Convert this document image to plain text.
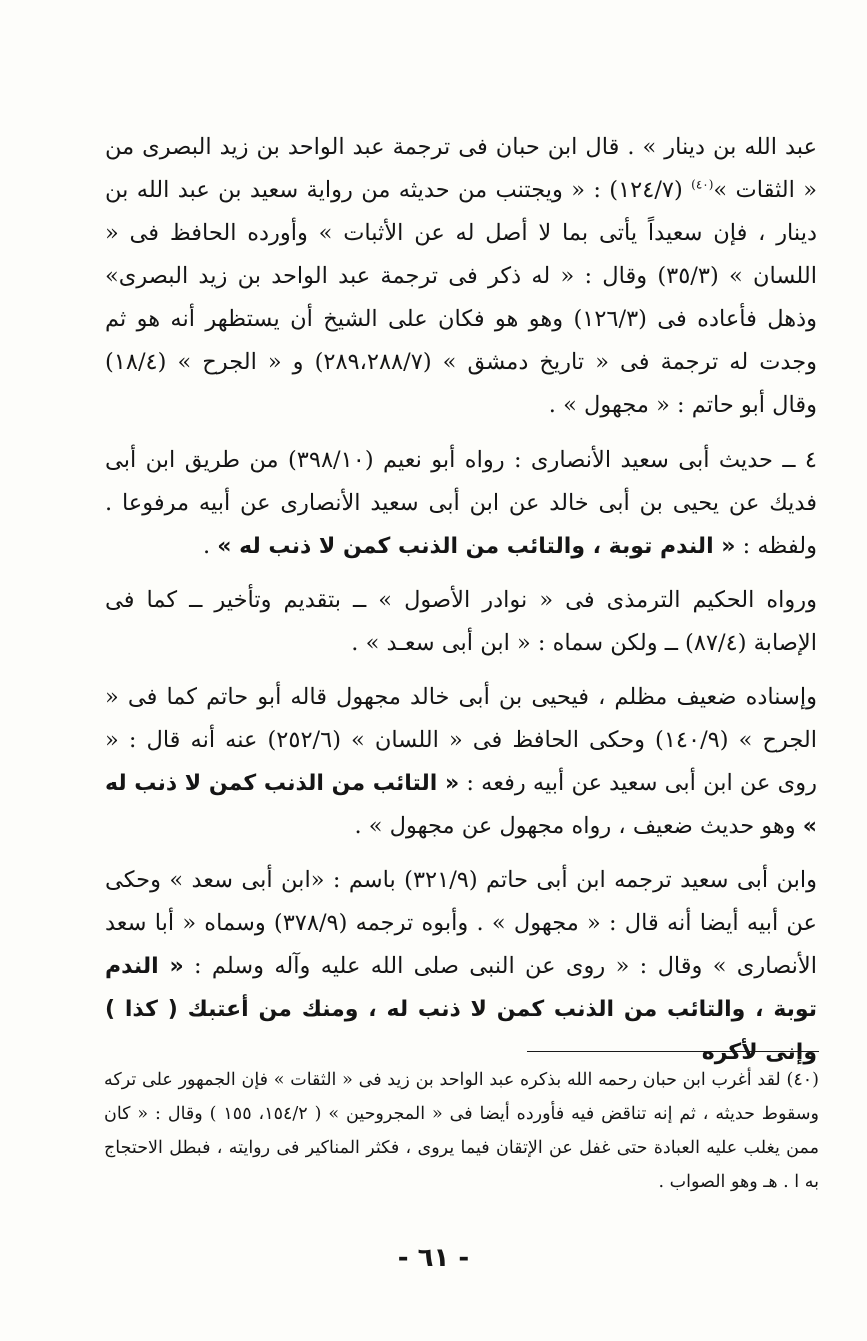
عبد الله بن دينار » . قال ابن حبان فى ترجمة عبد الواحد بن زيد البصرى من « الثقات »$^{(٤٠)}$ (١٢٤/٧) : « ويجتنب من حديثه من رواية سعيد بن عبد الله بن دينار ، فإن سعيداً يأتى بما لا أصل له عن الأثبات » وأورده الحافظ فى « اللسان » (٣٥/٣) وقال : « له ذكر فى ترجمة عبد الواحد بن زيد البصرى» وذهل فأعاده فى (١٢٦/٣) وهو هو فكان على الشيخ أن يستظهر أنه هو ثم وجدت له ترجمة فى « تاريخ دمشق » (٢٨٩،٢٨٨/٧) و « الجرح » (١٨/٤) وقال أبو حاتم : « مجهول » .

٤ ــ حديث أبى سعيد الأنصارى : رواه أبو نعيم (٣٩٨/١٠) من طريق ابن أبى فديك عن يحيى بن أبى خالد عن ابن أبى سعيد الأنصارى عن أبيه مرفوعا . ولفظه : « الندم توبة ، والتائب من الذنب كمن لا ذنب له » .

ورواه الحكيم الترمذى فى « نوادر الأصول » ــ بتقديم وتأخير ــ كما فى الإصابة (٨٧/٤) ــ ولكن سماه : « ابن أبى سعـد » .

وإسناده ضعيف مظلم ، فيحيى بن أبى خالد مجهول قاله أبو حاتم كما فى « الجرح » (١٤٠/٩) وحكى الحافظ فى « اللسان » (٢٥٢/٦) عنه أنه قال : « روى عن ابن أبى سعيد عن أبيه رفعه : « التائب من الذنب كمن لا ذنب له » وهو حديث ضعيف ، رواه مجهول عن مجهول » .

وابن أبى سعيد ترجمه ابن أبى حاتم (٣٢١/٩) باسم : «ابن أبى سعد » وحكى عن أبيه أيضا أنه قال : « مجهول » . وأبوه ترجمه (٣٧٨/٩) وسماه « أبا سعد الأنصارى » وقال : « روى عن النبى صلى الله عليه وآله وسلم : « الندم توبة ، والتائب من الذنب كمن لا ذنب له ، ومنك من أعتبك ( كذا ) وإنى لأكره

(٤٠) لقد أغرب ابن حبان رحمه الله بذكره عبد الواحد بن زيد فى « الثقات » فإن الجمهور على تركه وسقوط حديثه ، ثم إنه تناقض فيه فأورده أيضا فى « المجروحين » ( ١٥٤/٢، ١٥٥ ) وقال : « كان ممن يغلب عليه العبادة حتى غفل عن الإتقان فيما يروى ، فكثر المناكير فى روايته ، فبطل الاحتجاج به ا . هـ وهو الصواب .

- ٦١ -
